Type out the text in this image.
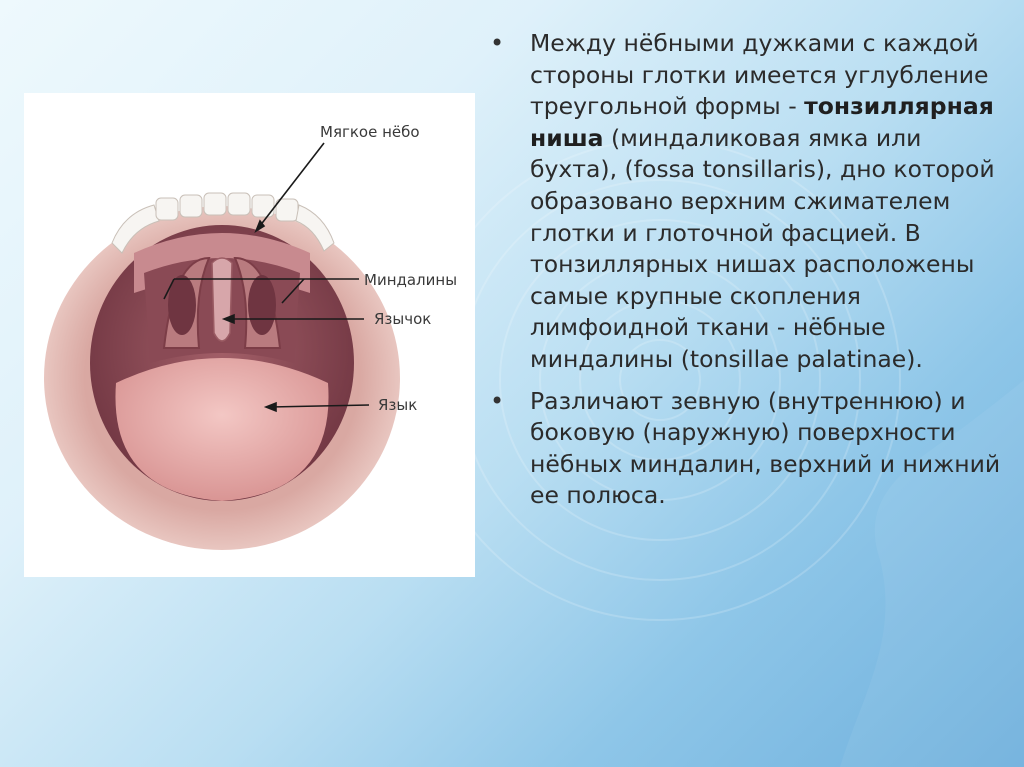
Мягкое нёбо
Миндалины
Язычок
Язык
• Между нёбными дужками с каждой стороны глотки имеется углубление треугольной формы - тонзиллярная ниша (миндаликовая ямка или бухта), (fossa tonsillaris), дно которой образовано верхним сжимателем глотки и глоточной фасцией. В тонзиллярных нишах расположены самые крупные скопления лимфоидной ткани - нёбные миндалины (tonsillae palatinae).

• Различают зевную (внутреннюю) и боковую (наружную) поверхности нёбных миндалин, верхний и нижний ее полюса.
